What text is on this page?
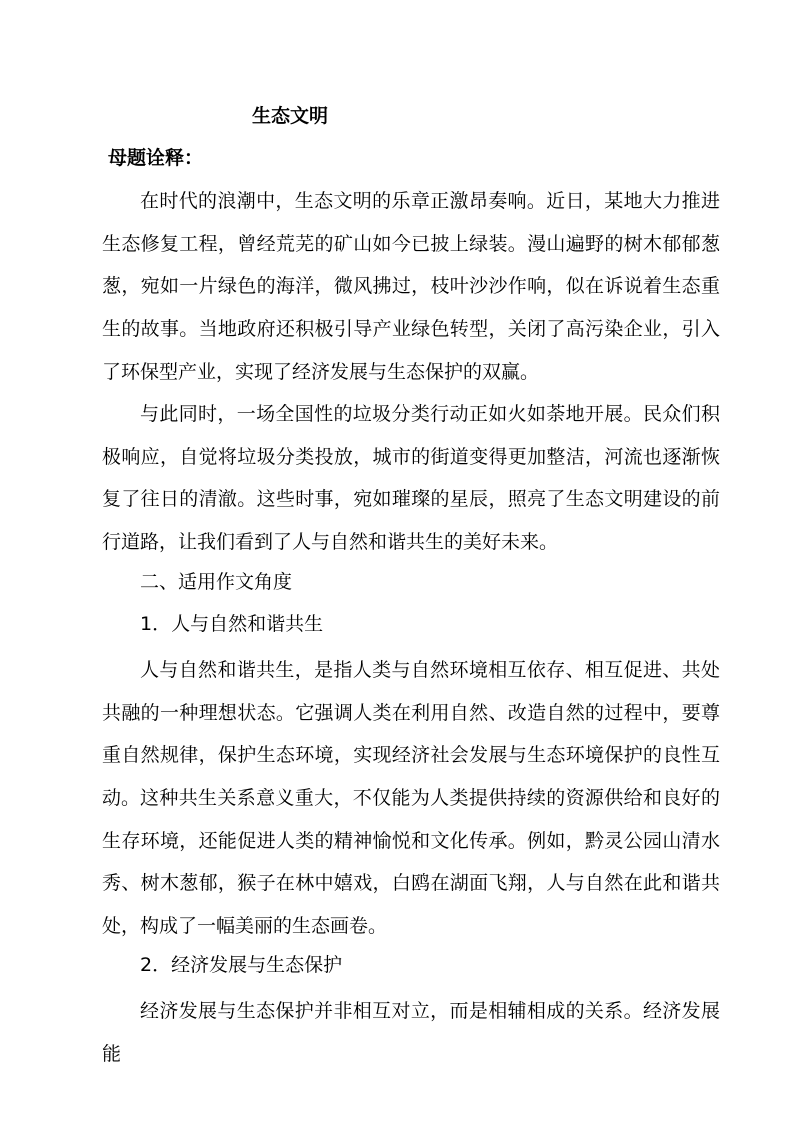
生态文明
母题诠释：

在时代的浪潮中，生态文明的乐章正激昂奏响。近日，某地大力推进生态修复工程，曾经荒芜的矿山如今已披上绿装。漫山遍野的树木郁郁葱葱，宛如一片绿色的海洋，微风拂过，枝叶沙沙作响，似在诉说着生态重生的故事。当地政府还积极引导产业绿色转型，关闭了高污染企业，引入了环保型产业，实现了经济发展与生态保护的双赢。

与此同时，一场全国性的垃圾分类行动正如火如荼地开展。民众们积极响应，自觉将垃圾分类投放，城市的街道变得更加整洁，河流也逐渐恢复了往日的清澈。这些时事，宛如璀璨的星辰，照亮了生态文明建设的前行道路，让我们看到了人与自然和谐共生的美好未来。

二、适用作文角度

1．人与自然和谐共生

人与自然和谐共生，是指人类与自然环境相互依存、相互促进、共处共融的一种理想状态。它强调人类在利用自然、改造自然的过程中，要尊重自然规律，保护生态环境，实现经济社会发展与生态环境保护的良性互动。 这种共生关系意义重大，不仅能为人类提供持续的资源供给和良好的生存环境，还能促进人类的精神愉悦和文化传承。例如，黔灵公园山清水秀、树木葱郁，猴子在林中嬉戏，白鸥在湖面飞翔，人与自然在此和谐共处，构成了一幅美丽的生态画卷。

2．经济发展与生态保护

经济发展与生态保护并非相互对立，而是相辅相成的关系。经济发展能
